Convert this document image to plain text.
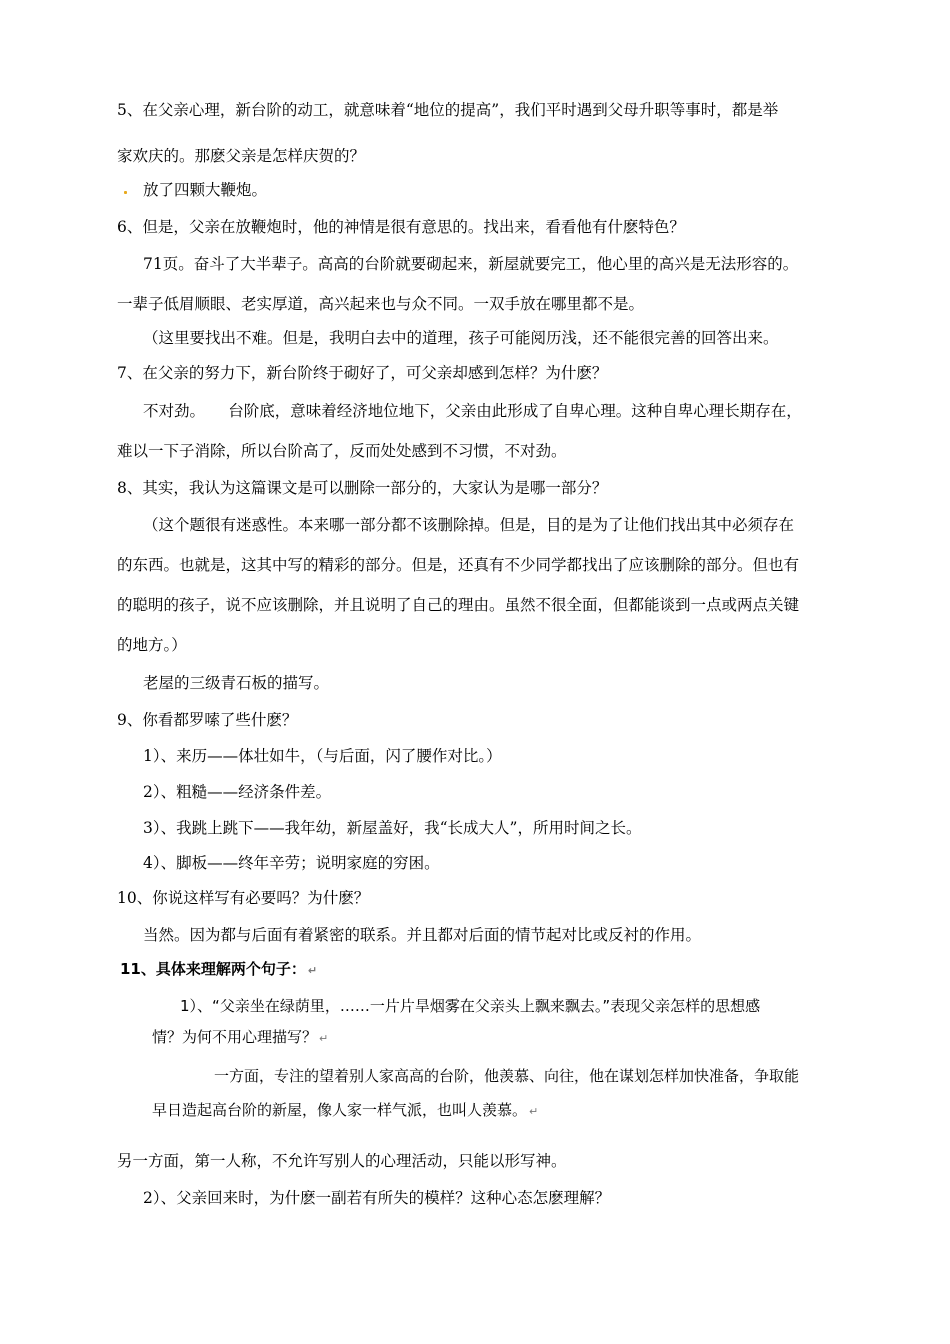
5、在父亲心理，新台阶的动工，就意味着“地位的提高”，我们平时遇到父母升职等事时，都是举
家欢庆的。那麽父亲是怎样庆贺的？
放了四颗大鞭炮。
6、但是，父亲在放鞭炮时，他的神情是很有意思的。找出来，看看他有什麽特色？
71页。奋斗了大半辈子。高高的台阶就要砌起来，新屋就要完工，他心里的高兴是无法形容的。
一辈子低眉顺眼、老实厚道，高兴起来也与众不同。一双手放在哪里都不是。
（这里要找出不难。但是，我明白去中的道理，孩子可能阅历浅，还不能很完善的回答出来。
7、在父亲的努力下，新台阶终于砌好了，可父亲却感到怎样？为什麽？
不对劲。　　台阶底，意味着经济地位地下，父亲由此形成了自卑心理。这种自卑心理长期存在，
难以一下子消除，所以台阶高了，反而处处感到不习惯，不对劲。
8、其实，我认为这篇课文是可以删除一部分的，大家认为是哪一部分？
（这个题很有迷惑性。本来哪一部分都不该删除掉。但是，目的是为了让他们找出其中必须存在
的东西。也就是，这其中写的精彩的部分。但是，还真有不少同学都找出了应该删除的部分。但也有
的聪明的孩子，说不应该删除，并且说明了自己的理由。虽然不很全面，但都能谈到一点或两点关键
的地方。）
老屋的三级青石板的描写。
9、你看都罗嗦了些什麽？
1）、来历——体壮如牛，（与后面，闪了腰作对比。）
2）、粗糙——经济条件差。
3）、我跳上跳下——我年幼，新屋盖好，我“长成大人”，所用时间之长。
4）、脚板——终年辛劳；说明家庭的穷困。
10、你说这样写有必要吗？为什麽？
当然。因为都与后面有着紧密的联系。并且都对后面的情节起对比或反衬的作用。
11、具体来理解两个句子： ↵
1）、“父亲坐在绿荫里，……一片片旱烟雾在父亲头上飘来飘去。”表现父亲怎样的思想感
情？为何不用心理描写？ ↵
一方面，专注的望着别人家高高的台阶，他羡慕、向往，他在谋划怎样加快准备，争取能
早日造起高台阶的新屋，像人家一样气派，也叫人羡慕。 ↵
另一方面，第一人称，不允许写别人的心理活动，只能以形写神。
2）、父亲回来时，为什麽一副若有所失的模样？这种心态怎麽理解？
